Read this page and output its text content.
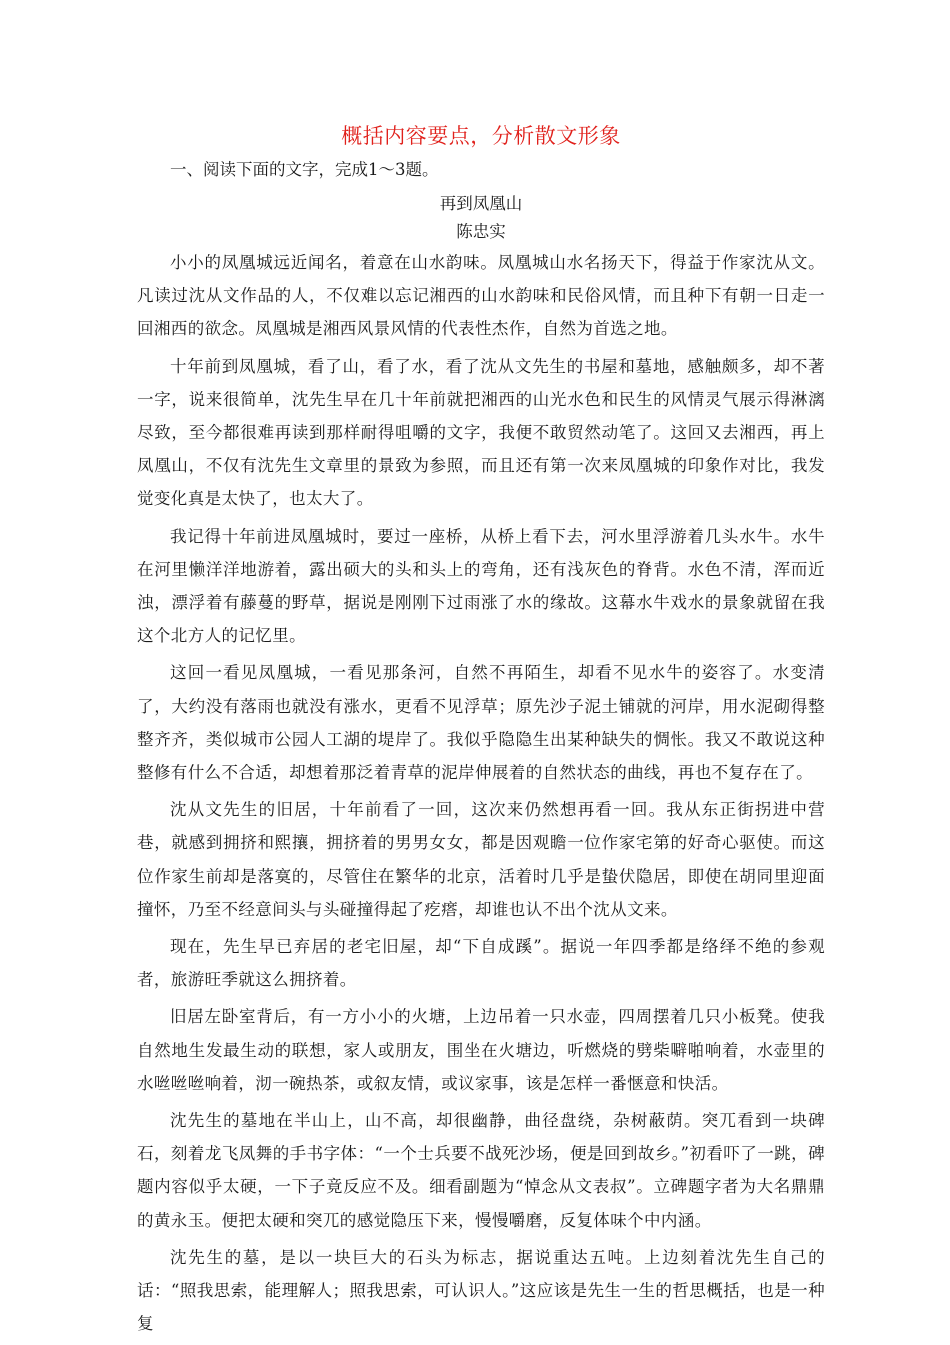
概括内容要点，分析散文形象

一、阅读下面的文字，完成1～3题。

再到凤凰山

陈忠实

小小的凤凰城远近闻名，着意在山水韵味。凤凰城山水名扬天下，得益于作家沈从文。凡读过沈从文作品的人，不仅难以忘记湘西的山水韵味和民俗风情，而且种下有朝一日走一回湘西的欲念。凤凰城是湘西风景风情的代表性杰作，自然为首选之地。

十年前到凤凰城，看了山，看了水，看了沈从文先生的书屋和墓地，感触颇多，却不著一字，说来很简单，沈先生早在几十年前就把湘西的山光水色和民生的风情灵气展示得淋漓尽致，至今都很难再读到那样耐得咀嚼的文字，我便不敢贸然动笔了。这回又去湘西，再上凤凰山，不仅有沈先生文章里的景致为参照，而且还有第一次来凤凰城的印象作对比，我发觉变化真是太快了，也太大了。

我记得十年前进凤凰城时，要过一座桥，从桥上看下去，河水里浮游着几头水牛。水牛在河里懒洋洋地游着，露出硕大的头和头上的弯角，还有浅灰色的脊背。水色不清，浑而近浊，漂浮着有藤蔓的野草，据说是刚刚下过雨涨了水的缘故。这幕水牛戏水的景象就留在我这个北方人的记忆里。

这回一看见凤凰城，一看见那条河，自然不再陌生，却看不见水牛的姿容了。水变清了，大约没有落雨也就没有涨水，更看不见浮草；原先沙子泥土铺就的河岸，用水泥砌得整整齐齐，类似城市公园人工湖的堤岸了。我似乎隐隐生出某种缺失的惆怅。我又不敢说这种整修有什么不合适，却想着那泛着青草的泥岸伸展着的自然状态的曲线，再也不复存在了。

沈从文先生的旧居，十年前看了一回，这次来仍然想再看一回。我从东正街拐进中营巷，就感到拥挤和熙攘，拥挤着的男男女女，都是因观瞻一位作家宅第的好奇心驱使。而这位作家生前却是落寞的，尽管住在繁华的北京，活着时几乎是蛰伏隐居，即使在胡同里迎面撞怀，乃至不经意间头与头碰撞得起了疙瘩，却谁也认不出个沈从文来。

现在，先生早已弃居的老宅旧屋，却“下自成蹊”。据说一年四季都是络绎不绝的参观者，旅游旺季就这么拥挤着。

旧居左卧室背后，有一方小小的火塘，上边吊着一只水壶，四周摆着几只小板凳。使我自然地生发最生动的联想，家人或朋友，围坐在火塘边，听燃烧的劈柴噼啪响着，水壶里的水咝咝咝响着，沏一碗热茶，或叙友情，或议家事，该是怎样一番惬意和快活。

沈先生的墓地在半山上，山不高，却很幽静，曲径盘绕，杂树蔽荫。突兀看到一块碑石，刻着龙飞凤舞的手书字体：“一个士兵要不战死沙场，便是回到故乡。”初看吓了一跳，碑题内容似乎太硬，一下子竟反应不及。细看副题为“悼念从文表叔”。立碑题字者为大名鼎鼎的黄永玉。便把太硬和突兀的感觉隐压下来，慢慢嚼磨，反复体味个中内涵。

沈先生的墓，是以一块巨大的石头为标志，据说重达五吨。上边刻着沈先生自己的话：“照我思索，能理解人；照我思索，可认识人。”这应该是先生一生的哲思概括，也是一种复
